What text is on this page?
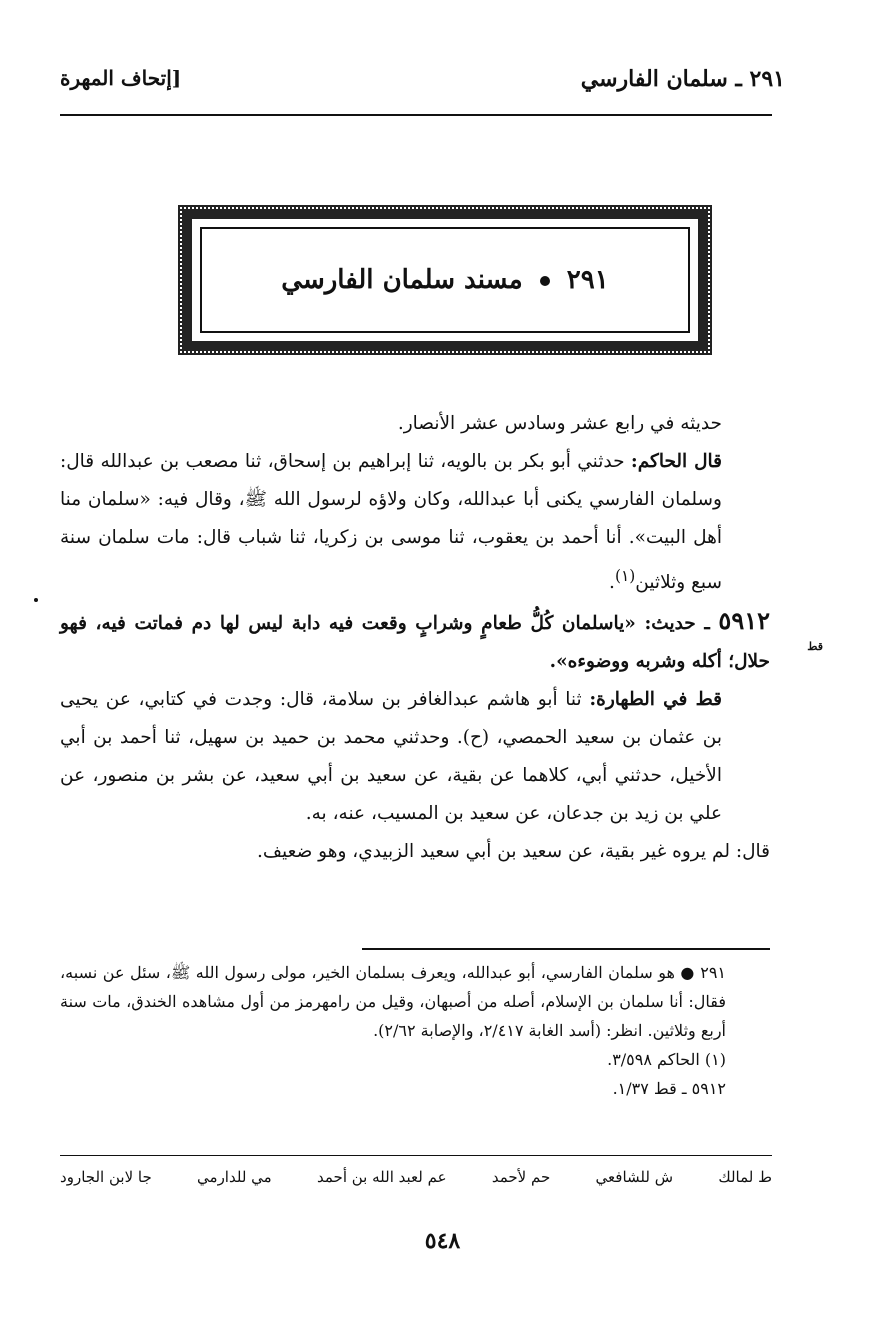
٢٩١ ـ سلمان الفارسي
[إتحاف المهرة
٢٩١  مسند سلمان الفارسي

حديثه في رابع عشر وسادس عشر الأنصار.

قال الحاكم: حدثني أبو بكر بن بالويه، ثنا إبراهيم بن إسحاق، ثنا مصعب بن عبدالله قال: وسلمان الفارسي يكنى أبا عبدالله، وكان ولاؤه لرسول الله ﷺ، وقال فيه: «سلمان منا أهل البيت». أنا أحمد بن يعقوب، ثنا موسى بن زكريا، ثنا شباب قال: مات سلمان سنة سبع وثلاثين$^{(١)}$.

٥٩١٢ ـ حديث: «ياسلمان كُلُّ طعامٍ وشرابٍ وقعت فيه دابة ليس لها دم فماتت فيه، فهو حلال؛ أكله وشربه ووضوءه».

قط في الطهارة: ثنا أبو هاشم عبدالغافر بن سلامة، قال: وجدت في كتابي، عن يحيى بن عثمان بن سعيد الحمصي، (ح). وحدثني محمد بن حميد بن سهيل، ثنا أحمد بن أبي الأخيل، حدثني أبي، كلاهما عن بقية، عن سعيد بن أبي سعيد، عن بشر بن منصور، عن علي بن زيد بن جدعان، عن سعيد بن المسيب، عنه، به.

قال: لم يروه غير بقية، عن سعيد بن أبي سعيد الزبيدي، وهو ضعيف.

قط

٢٩١ ● هو سلمان الفارسي، أبو عبدالله، ويعرف بسلمان الخير، مولى رسول الله ﷺ، سئل عن نسبه، فقال: أنا سلمان بن الإسلام، أصله من أصبهان، وقيل من رامهرمز من أول مشاهده الخندق، مات سنة أربع وثلاثين. انظر: (أسد الغابة ٢/٤١٧، والإصابة ٢/٦٢).

(١) الحاكم ٣/٥٩٨.

٥٩١٢ ـ قط ١/٣٧.

ط لمالك
ش للشافعي
حم لأحمد
عم لعبد الله بن أحمد
مي للدارمي
جا لابن الجارود
٥٤٨
